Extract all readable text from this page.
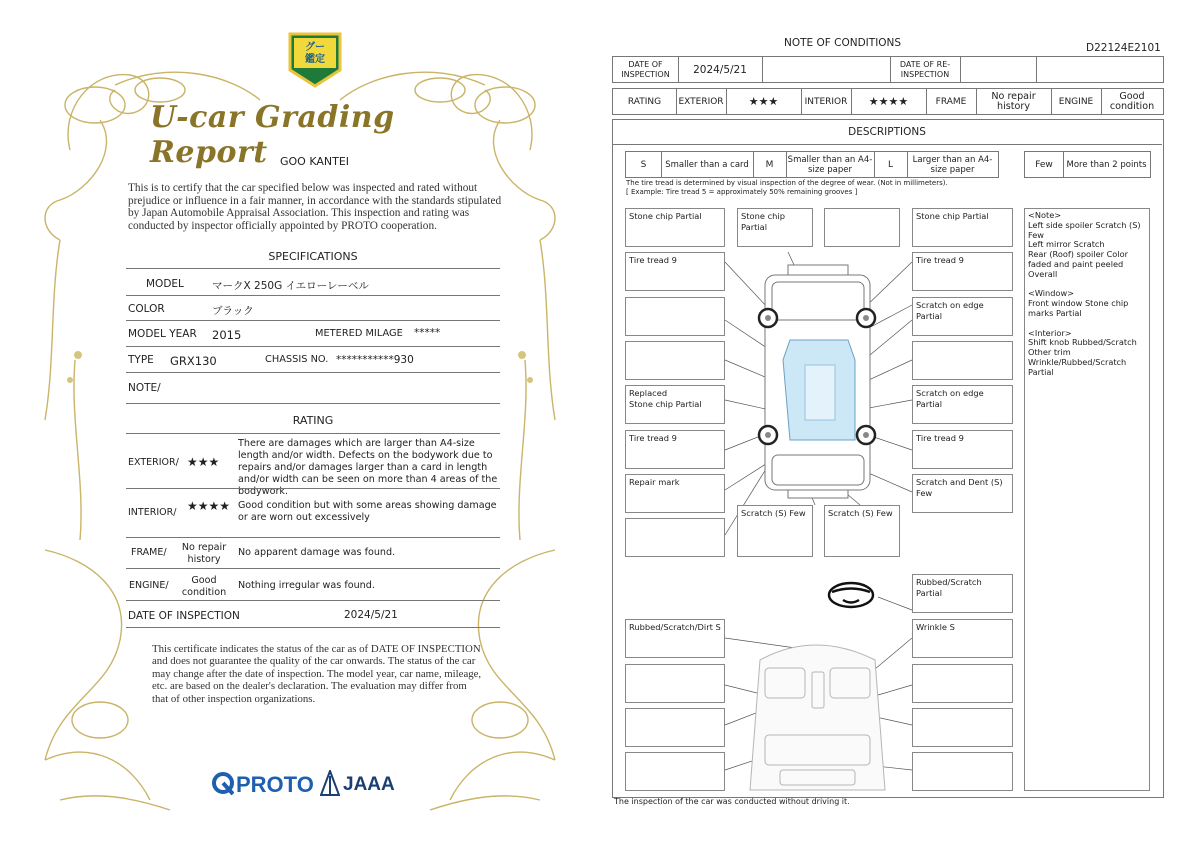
グー
鑑定
U-car Grading Report	GOO KANTEI
This is to certify that the car specified below was inspected and rated without prejudice or influence in a fair manner, in accordance with the standards stipulated by Japan Automobile Appraisal Association. This inspection and rating was conducted by inspector officially appointed by PROTO cooperation.
SPECIFICATIONS
MODEL	マークX 250G イエローレーベル
COLOR	ブラック
MODEL YEAR 2015	METERED MILAGE *****
TYPE GRX130	CHASSIS NO. ***********930
NOTE/
RATING
EXTERIOR/ ★★★
There are damages which are larger than A4-size length and/or width. Defects on the bodywork due to repairs and/or damages larger than a card in length and/or width can be seen on more than 4 areas of the bodywork.
INTERIOR/ ★★★★ Good condition but with some areas showing damage or are worn out excessively
FRAME/	No repair history
No apparent damage was found.
ENGINE/	Good condition
Nothing irregular was found.
DATE OF INSPECTION	2024/5/21
This certificate indicates the status of the car as of DATE OF INSPECTION and does not guarantee the quality of the car onwards. The status of the car may change after the date of inspection. The model year, car name, mileage, etc. are based on the dealer's declaration. The evaluation may differ from that of other inspection organizations.
PROTO JAAA
NOTE OF CONDITIONS	D22124E2101
DATE OF INSPECTION	2024/5/21	DATE OF RE-INSPECTION
RATING	EXTERIOR	★★★	INTERIOR	★★★★	FRAME	No repair history	ENGINE	Good condition
DESCRIPTIONS
S	Smaller than a card	M	Smaller than an A4-size paper	L	Larger than an A4-size paper	Few	More than 2 points
The tire tread is determined by visual inspection of the degree of wear. (Not in millimeters).
[ Example: Tire tread 5 = approximately 50% remaining grooves ]
Stone chip Partial
Tire tread 9
Replaced
Stone chip Partial
Tire tread 9
Repair mark
Stone chip Partial
Stone chip Partial
Tire tread 9
Scratch on edge Partial
Scratch on edge Partial
Tire tread 9
Scratch and Dent (S) Few
Scratch (S) Few	Scratch (S) Few
Rubbed/Scratch Partial
Rubbed/Scratch/Dirt S	Wrinkle S
<Note>
Left side spoiler Scratch (S) Few
Left mirror Scratch
Rear (Roof) spoiler Color faded and paint peeled Overall

<Window>
Front window Stone chip marks Partial

<Interior>
Shift knob Rubbed/Scratch
Other trim
Wrinkle/Rubbed/Scratch Partial
The inspection of the car was conducted without driving it.
